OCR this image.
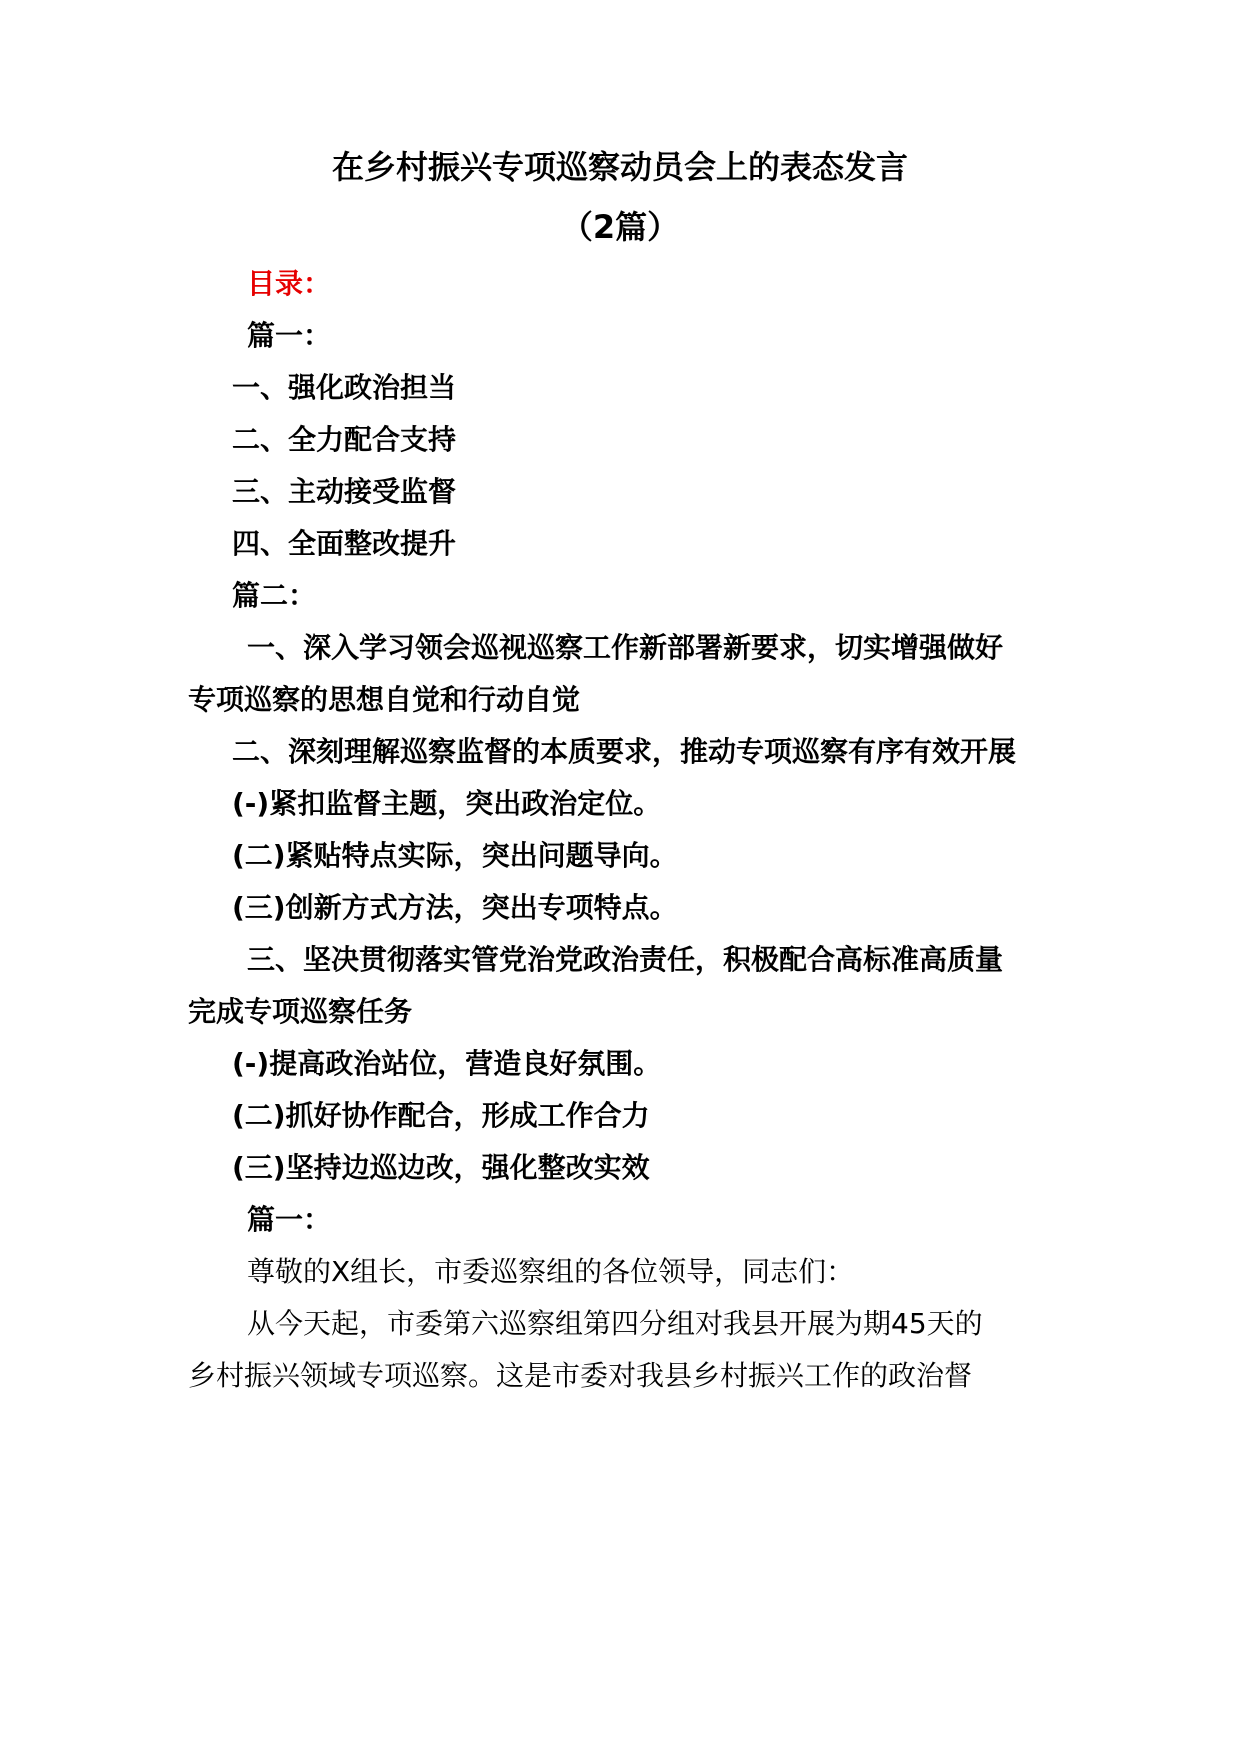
在乡村振兴专项巡察动员会上的表态发言
（2篇）
目录：
篇一：
一、强化政治担当
二、全力配合支持
三、主动接受监督
四、全面整改提升
篇二：
一、深入学习领会巡视巡察工作新部署新要求，切实增强做好
专项巡察的思想自觉和行动自觉
二、深刻理解巡察监督的本质要求，推动专项巡察有序有效开展
(-)紧扣监督主题，突出政治定位。
(二)紧贴特点实际，突出问题导向。
(三)创新方式方法，突出专项特点。
三、坚决贯彻落实管党治党政治责任，积极配合高标准高质量
完成专项巡察任务
(-)提高政治站位，营造良好氛围。
(二)抓好协作配合，形成工作合力
(三)坚持边巡边改，强化整改实效
篇一：
尊敬的X组长，市委巡察组的各位领导，同志们：
从今天起，市委第六巡察组第四分组对我县开展为期45天的
乡村振兴领域专项巡察。这是市委对我县乡村振兴工作的政治督
